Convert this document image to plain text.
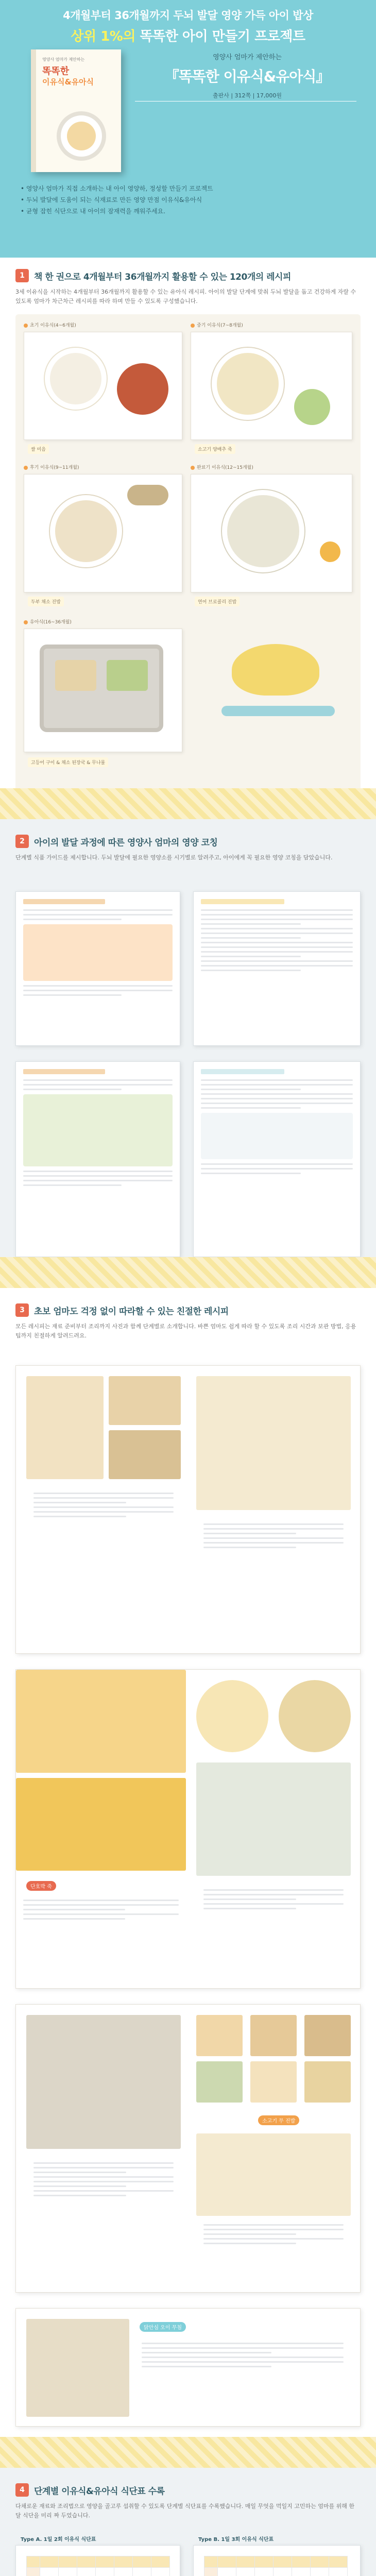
4개월부터 36개월까지 두뇌 발달 영양 가득 아이 밥상
상위 1%의 똑똑한 아이 만들기 프로젝트
영양사 엄마가 제안하는
똑똑한
이유식&유아식
영양사 엄마가 제안하는
『똑똑한 이유식&유아식』
출판사 | 312쪽 | 17,000원
• 영양사 엄마가 직접 소개하는 내 아이 영양하, 정성할 만들기 프로젝트
• 두뇌 발달에 도움이 되는 식재료로 만든 영양 만점 이유식&유아식
• 균형 잡힌 식단으로 내 아이의 잠재력을 깨워주세요.
1	책 한 권으로 4개월부터 36개월까지 활용할 수 있는 120개의 레시피
3세 이유식을 시작하는 4개월부터 36개월까지 활용할 수 있는 유아식 레시피. 아이의 발달 단계에 맞춰 두뇌 발달을 돕고 건강하게 자랄 수 있도록 엄마가 차근차근 레시피를 따라 하며 만들 수 있도록 구성했습니다.
초기 이유식(4~6개월)	중기 이유식(7~8개월)
쌀 미음	소고기 양배추 죽
후기 이유식(9~11개월)	완료기 이유식(12~15개월)
두부 채소 진밥	연어 브로콜리 진밥
유아식(16~36개월)
고등어 구이 & 채소 된장국 & 무나물
2	아이의 발달 과정에 따른 영양사 엄마의 영양 코칭
단계별 식품 가이드를 제시합니다. 두뇌 발달에 필요한 영양소를 시기별로 알려주고, 아이에게 꼭 필요한 영양 코칭을 담았습니다.
3	초보 엄마도 걱정 없이 따라할 수 있는 친절한 레시피
모든 레시피는 재료 준비부터 조리까지 사진과 함께 단계별로 소개합니다. 바쁜 엄마도 쉽게 따라 할 수 있도록 조리 시간과 보관 방법, 응용 팁까지 친절하게 알려드려요.
단호박 죽
소고기 무 진밥
닭안심 오이 무침
4	단계별 이유식&유아식 식단표 수록
다채로운 재료와 조리법으로 영양을 골고루 섭취할 수 있도록 단계별 식단표를 수록했습니다. 매일 무엇을 먹일지 고민하는 엄마를 위해 한 달 식단을 미리 짜 두었습니다.
Type A. 1일 2회 이유식 식단표	Type B. 1일 3회 이유식 식단표
